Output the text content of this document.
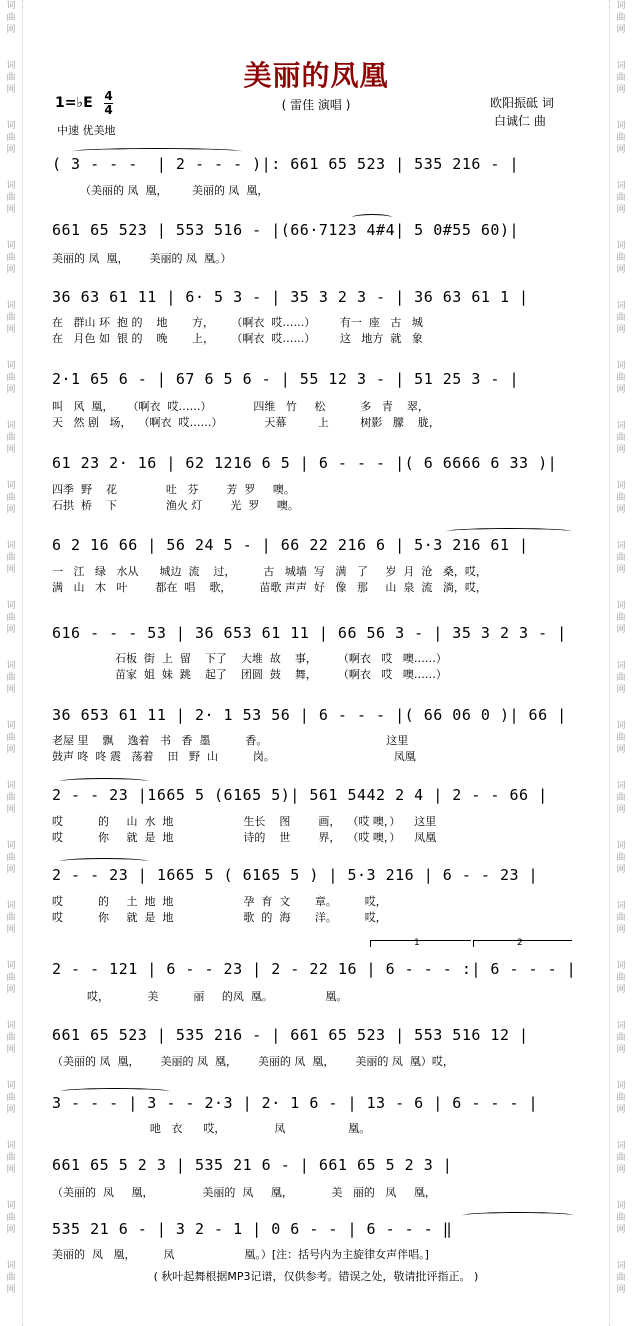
词
曲
网
词
曲
网
词
曲
网
词
曲
网
词
曲
网
词
曲
网
词
曲
网
词
曲
网
词
曲
网
词
曲
网
词
曲
网
词
曲
网
词
曲
网
词
曲
网
词
曲
网
词
曲
网
词
曲
网
词
曲
网
词
曲
网
词
曲
网
词
曲
网
词
曲
网
词
曲
网
词
曲
网
词
曲
网
词
曲
网
词
曲
网
词
曲
网
词
曲
网
词
曲
网
词
曲
网
词
曲
网
词
曲
网
词
曲
网
词
曲
网
词
曲
网
词
曲
网
词
曲
网
词
曲
网
词
曲
网
词
曲
网
词
曲
网
词
曲
网
词
曲
网
美丽的凤凰
( 雷佳 演唱 )	欧阳振砥 词
白诚仁 曲
1=♭E 4
4
中速 优美地
( 3 - - -  | 2 - - - )|: 661 65 523 | 535 216 - |
（美丽的 凤  凰，       美丽的 凤  凰，
661 65 523 | 553 516 - |(66·7123 4#4| 5 0#55 60)|
美丽的 凤  凰，      美丽的 凤  凰。）
36 63 61 11 | 6· 5 3 - | 35 3 2 3 - | 36 63 61 1 |
在   群山 环  抱 的    地       方，     （啊衣  哎……）       有一  座   古   城
在   月色 如  银 的    晚       上，     （啊衣  哎……）       这   地方  就   象
2·1 65 6 - | 67 6 5 6 - | 55 12 3 - | 51 25 3 - |
叫   风  凰，    （啊衣  哎……）            四维   竹     松          多   青    翠，
天   然 剧   场，  （啊衣  哎……）            天幕         上         树影   朦    胧，
61 23 2· 16 | 62 1216 6 5 | 6 - - - |( 6 6666 6 33 )|
四季  野    花              吐   芬        芳  罗     噢。
石拱  桥    下              渔火 灯        光  罗     噢。
6 2 16 66 | 56 24 5 - | 66 22 216 6 | 5·3 216 61 |
一   江   绿   水从      城边  流    过，        古   城墙  写   满   了     岁  月  沧   桑，哎，
满   山   木   叶        都在  唱    歌，        苗歌 声声  好   像   那     山  泉  流   淌，哎，
616 - - - 53 | 36 653 61 11 | 66 56 3 - | 35 3 2 3 - |
石板  街  上  留    下了    大堆  故    事，      （啊衣   哎   噢……）
苗家  姐  妹  跳    起了    团圆  鼓    舞，      （啊衣   哎   噢……）
36 653 61 11 | 2· 1 53 56 | 6 - - - |( 66 06 0 )| 66 |
老屋 里    飘    逸着   书   香  墨          香。                                  这里
鼓声 咚  咚 震   荡着    田   野  山          岗。                                  凤凰
2 - - 23 |1665 5 (6165 5)| 561 5442 2 4 | 2 - - 66 |
哎          的     山  水  地                    生长    图        画，  （哎 噢，）    这里
哎          你     就  是  地                    诗的    世        界，  （哎 噢，）    凤凰
2 - - 23 | 1665 5 ( 6165 5 ) | 5·3 216 | 6 - - 23 |
哎          的     土  地  地                    孕  育  文       章。        哎，
哎          你     就  是  地                    歌  的  海       洋。        哎，
1	2
2 - - 121 | 6 - - 23 | 2 - 22 16 | 6 - - - :| 6 - - - |
哎，           美          丽     的凤  凰。               凰。
661 65 523 | 535 216 - | 661 65 523 | 553 516 12 |
（美丽的 凤  凰，      美丽的 凤  凰，      美丽的 凤  凰，      美丽的 凤  凰）哎，
3 - - - | 3 - - 2·3 | 2· 1 6 - | 13 - 6 | 6 - - - |
吔   衣      哎，              凤                  凰。
661 65 5 2 3 | 535 21 6 - | 661 65 5 2 3 |
（美丽的  凤     凰，              美丽的  凤     凰，           美   丽的   凤     凰，
535 21 6 - | 3 2 - 1 | 0 6 - - | 6 - - - ‖
美丽的  凤   凰，        凤                    凰。）[注：括号内为主旋律女声伴唱。]
( 秋叶起舞根据MP3记谱，仅供参考。错误之处，敬请批评指正。 )
